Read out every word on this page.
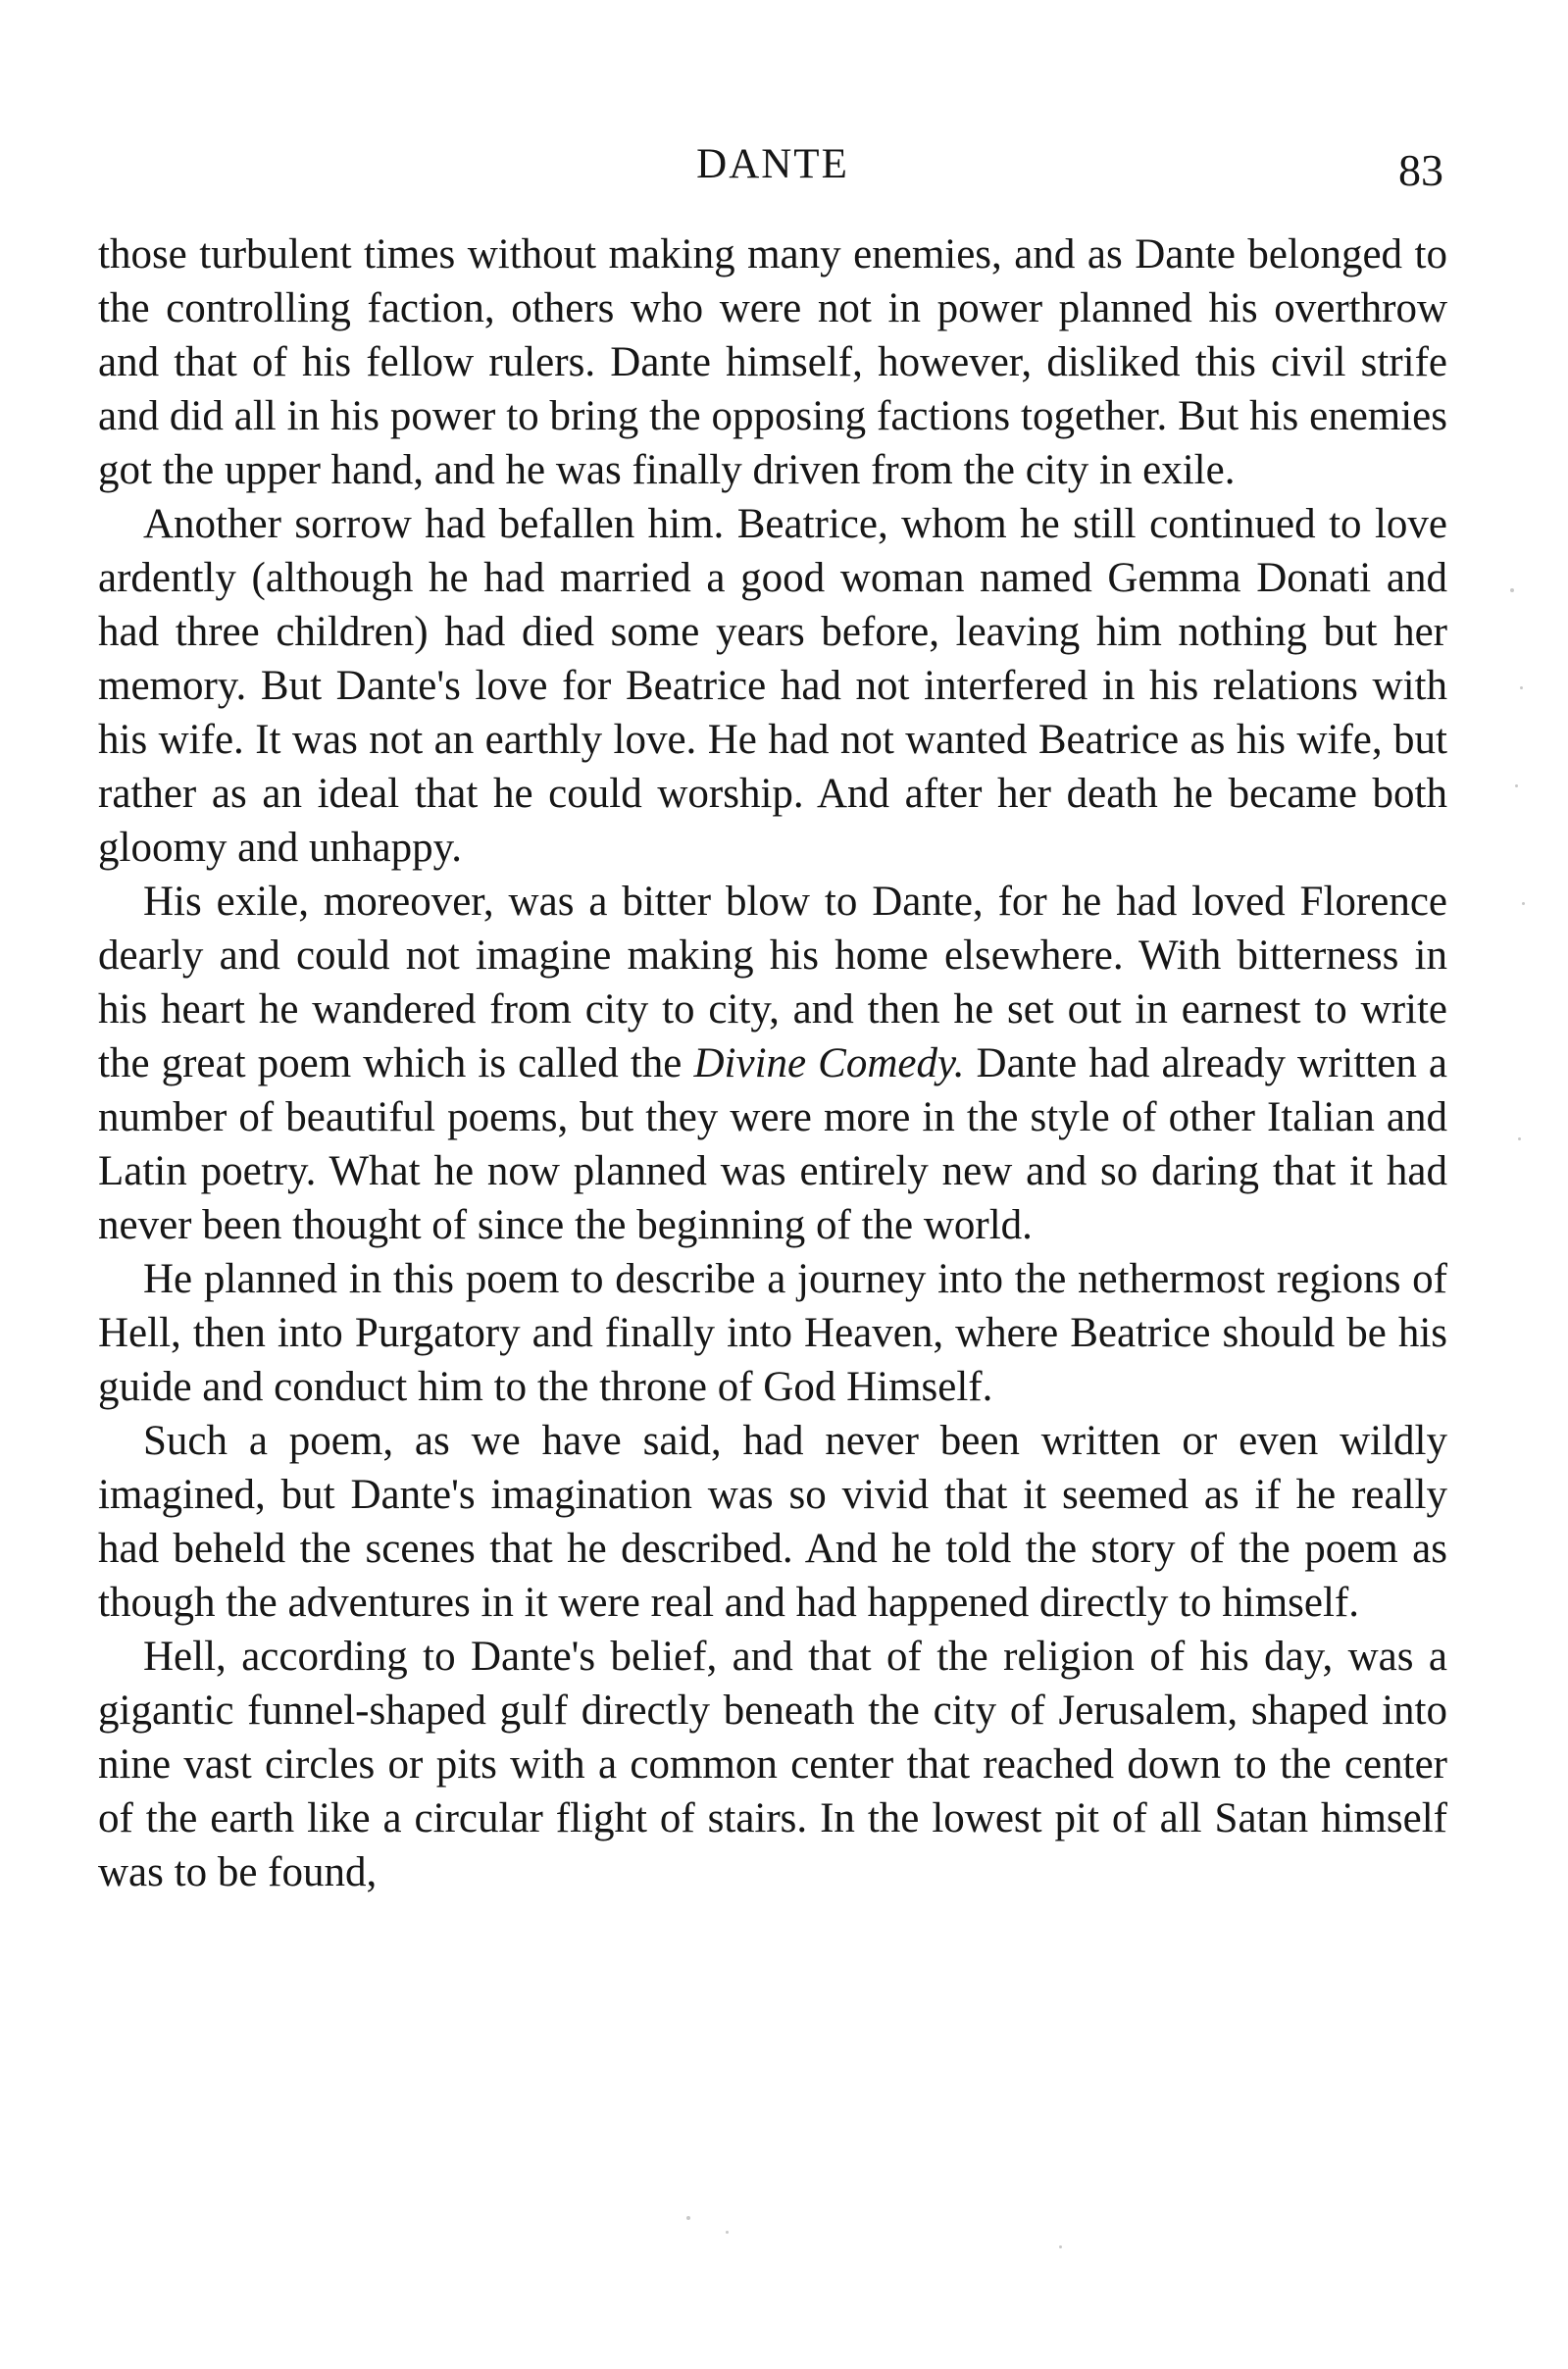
DANTE	83

those turbulent times without making many enemies, and as Dante belonged to the controlling faction, others who were not in power planned his overthrow and that of his fellow rulers. Dante himself, however, disliked this civil strife and did all in his power to bring the opposing factions together. But his enemies got the upper hand, and he was finally driven from the city in exile.

Another sorrow had befallen him. Beatrice, whom he still continued to love ardently (although he had married a good woman named Gemma Donati and had three children) had died some years before, leaving him nothing but her memory. But Dante's love for Beatrice had not interfered in his relations with his wife. It was not an earthly love. He had not wanted Beatrice as his wife, but rather as an ideal that he could worship. And after her death he became both gloomy and unhappy.

His exile, moreover, was a bitter blow to Dante, for he had loved Florence dearly and could not imagine making his home elsewhere. With bitterness in his heart he wandered from city to city, and then he set out in earnest to write the great poem which is called the Divine Comedy. Dante had already written a number of beautiful poems, but they were more in the style of other Italian and Latin poetry. What he now planned was entirely new and so daring that it had never been thought of since the beginning of the world.

He planned in this poem to describe a journey into the nethermost regions of Hell, then into Purgatory and finally into Heaven, where Beatrice should be his guide and conduct him to the throne of God Himself.

Such a poem, as we have said, had never been written or even wildly imagined, but Dante's imagination was so vivid that it seemed as if he really had beheld the scenes that he described. And he told the story of the poem as though the adventures in it were real and had happened directly to himself.

Hell, according to Dante's belief, and that of the religion of his day, was a gigantic funnel-shaped gulf directly beneath the city of Jerusalem, shaped into nine vast circles or pits with a common center that reached down to the center of the earth like a circular flight of stairs. In the lowest pit of all Satan himself was to be found,
